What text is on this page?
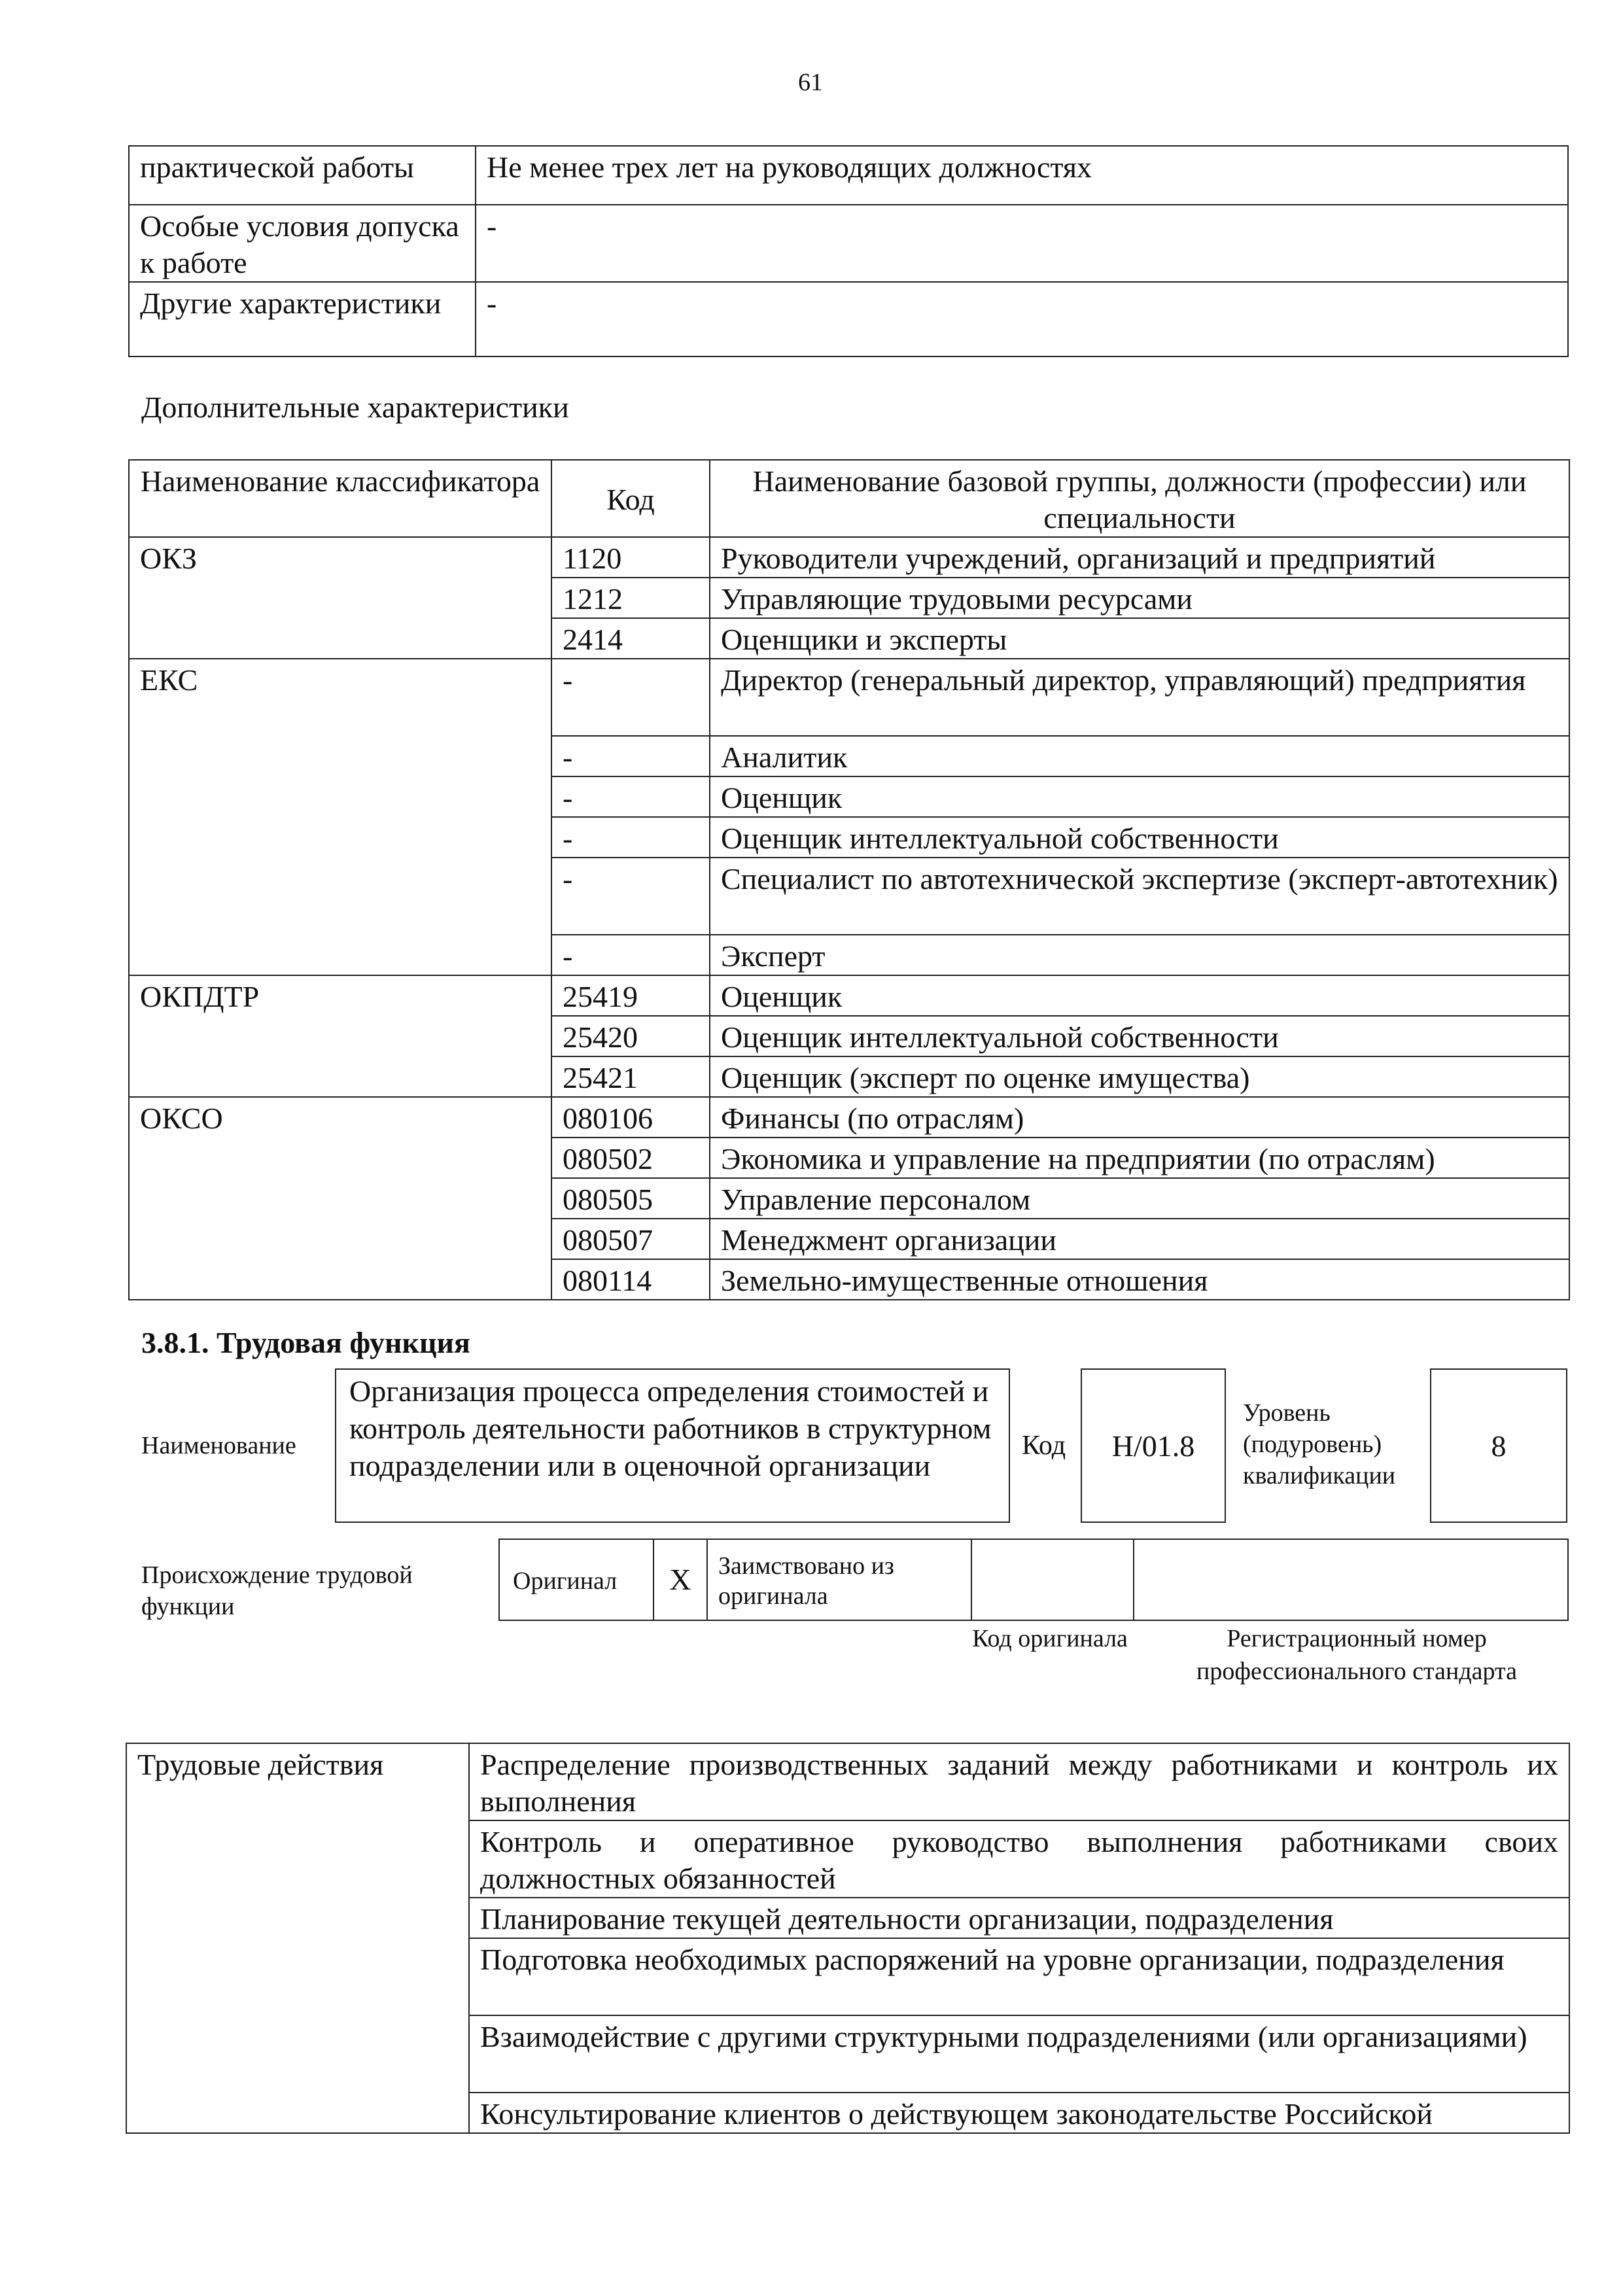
61
практической работы	Не менее трех лет на руководящих должностях
Особые условия допуска к работе	-
Другие характеристики	-
Дополнительные характеристики
Наименование классификатора	Код	Наименование базовой группы, должности (профессии) или специальности
ОКЗ	1120	Руководители учреждений, организаций и предприятий
	1212	Управляющие трудовыми ресурсами
	2414	Оценщики и эксперты
ЕКС	-	Директор (генеральный директор, управляющий) предприятия
	-	Аналитик
	-	Оценщик
	-	Оценщик интеллектуальной собственности
	-	Специалист по автотехнической экспертизе (эксперт-автотехник)
	-	Эксперт
ОКПДТР	25419	Оценщик
	25420	Оценщик интеллектуальной собственности
	25421	Оценщик (эксперт по оценке имущества)
ОКСО	080106	Финансы (по отраслям)
	080502	Экономика и управление на предприятии (по отраслям)
	080505	Управление персоналом
	080507	Менеджмент организации
	080114	Земельно-имущественные отношения
3.8.1. Трудовая функция
Наименование
Организация процесса определения стоимостей и контроль деятельности работников в структурном подразделении или в оценочной организации
Код	H/01.8
Уровень (подуровень) квалификации
8
Происхождение трудовой функции
Оригинал	X	Заимствовано из оригинала		
Код оригинала	Регистрационный номер профессионального стандарта
Трудовые действия	Распределение производственных заданий между работниками и контроль их выполнения
Контроль и оперативное руководство выполнения работниками своих должностных обязанностей
Планирование текущей деятельности организации, подразделения
Подготовка необходимых распоряжений на уровне организации, подразделения
Взаимодействие с другими структурными подразделениями (или организациями)
Консультирование клиентов о действующем законодательстве Российской
